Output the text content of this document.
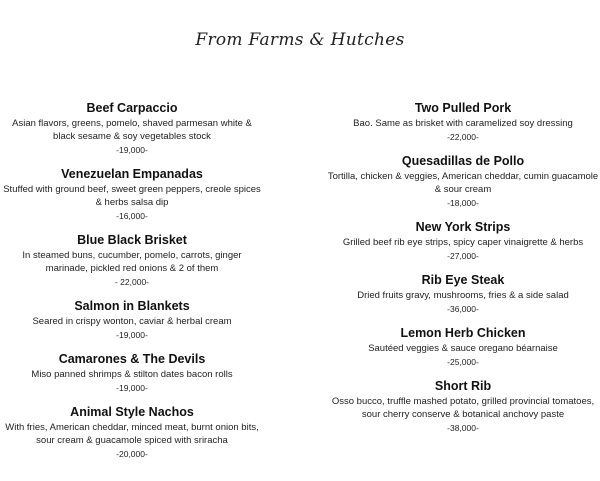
From Farms & Hutches
Beef Carpaccio
Asian flavors, greens, pomelo, shaved parmesan white & black sesame & soy vegetables stock
-19,000-
Venezuelan Empanadas
Stuffed with ground beef, sweet green peppers, creole spices & herbs salsa dip
-16,000-
Blue Black Brisket
In steamed buns, cucumber, pomelo, carrots, ginger marinade, pickled red onions & 2 of them
- 22,000-
Salmon in Blankets
Seared in crispy wonton, caviar & herbal cream
-19,000-
Camarones & The Devils
Miso panned shrimps & stilton dates bacon rolls
-19,000-
Animal Style Nachos
With fries, American cheddar, minced meat, burnt onion bits, sour cream & guacamole spiced with sriracha
-20,000-
Two Pulled Pork
Bao. Same as brisket with caramelized soy dressing
-22,000-
Quesadillas de Pollo
Tortilla, chicken & veggies, American cheddar, cumin guacamole & sour cream
-18,000-
New York Strips
Grilled beef rib eye strips, spicy caper vinaigrette & herbs
-27,000-
Rib Eye Steak
Dried fruits gravy, mushrooms, fries & a side salad
-36,000-
Lemon Herb Chicken
Sautéed veggies & sauce oregano béarnaise
-25,000-
Short Rib
Osso bucco, truffle mashed potato, grilled provincial tomatoes, sour cherry conserve & botanical anchovy paste
-38,000-
